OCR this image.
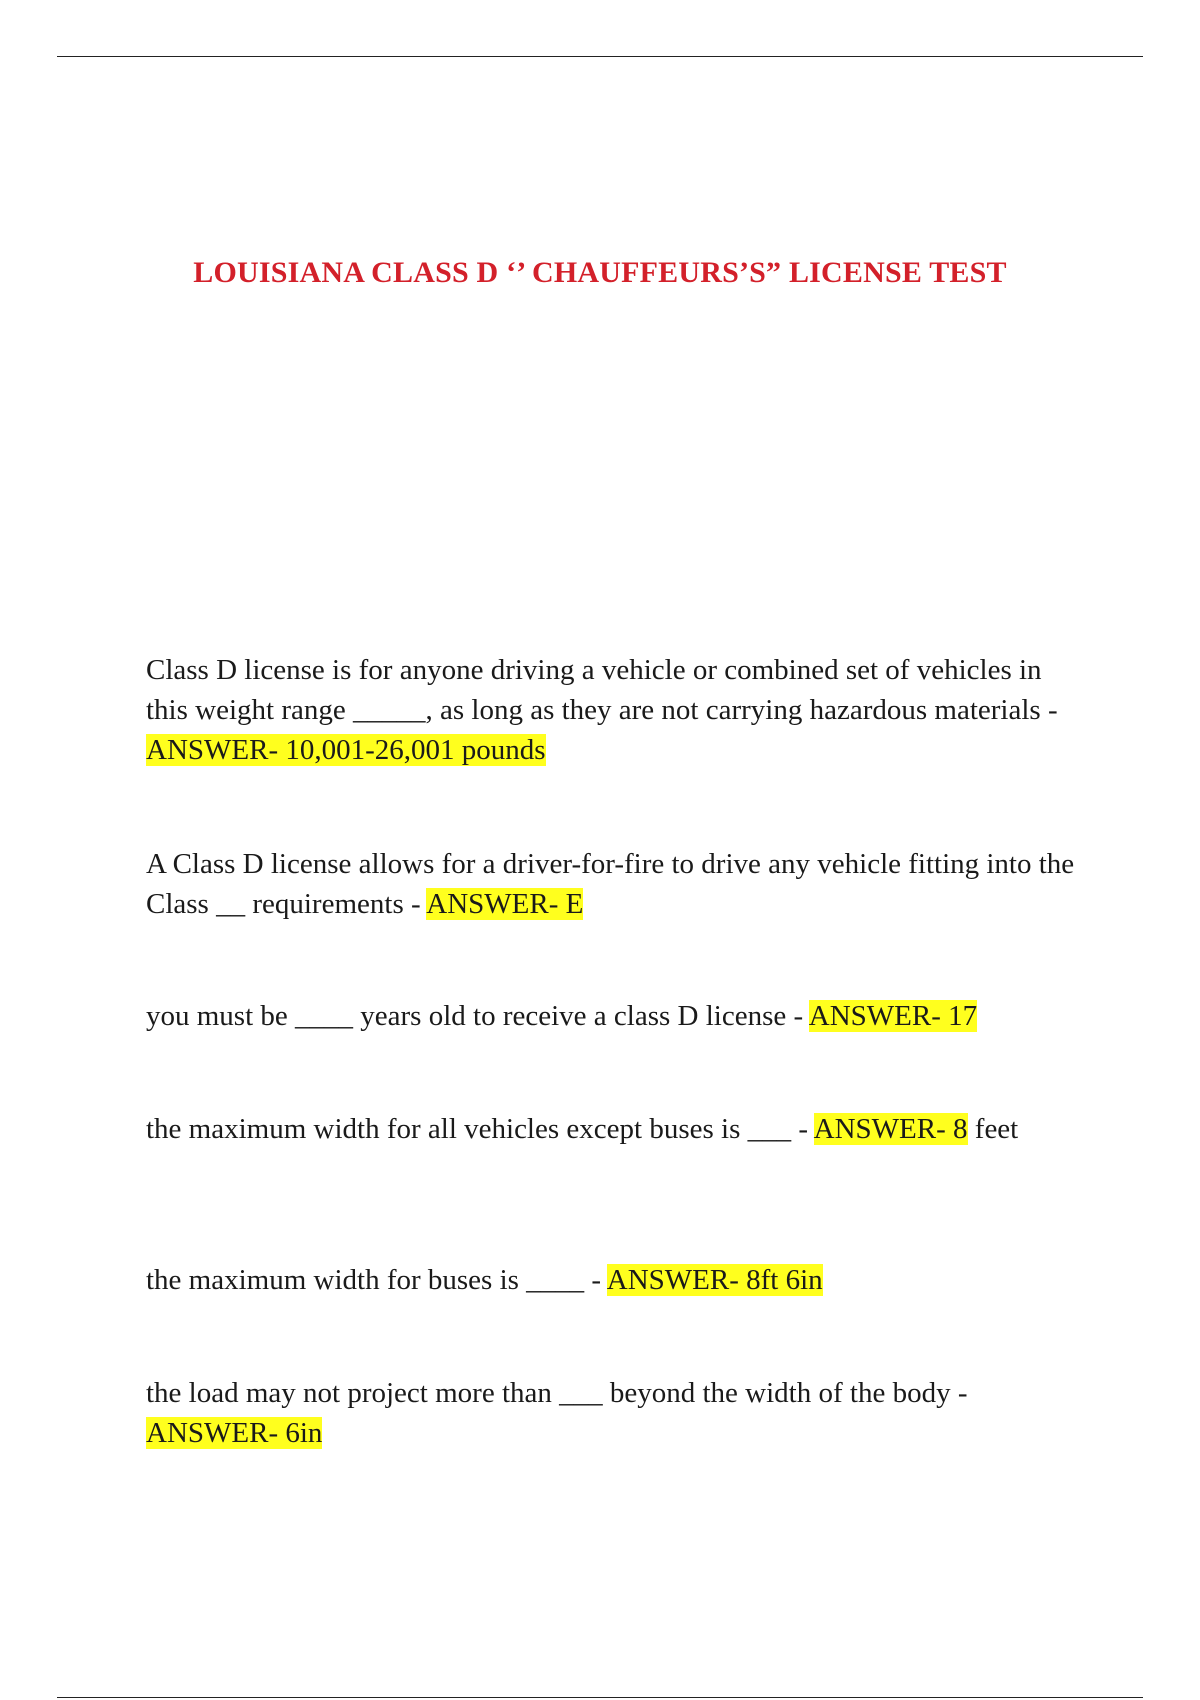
LOUISIANA CLASS D ‘’ CHAUFFEURS’S” LICENSE TEST

Class D license is for anyone driving a vehicle or combined set of vehicles in this weight range _____, as long as they are not carrying hazardous materials - ANSWER- 10,001-26,001 pounds

A Class D license allows for a driver-for-fire to drive any vehicle fitting into the Class __ requirements - ANSWER- E

you must be ____ years old to receive a class D license - ANSWER- 17

the maximum width for all vehicles except buses is ___ - ANSWER- 8 feet

the maximum width for buses is ____ - ANSWER- 8ft 6in

the load may not project more than ___ beyond the width of the body - ANSWER- 6in
